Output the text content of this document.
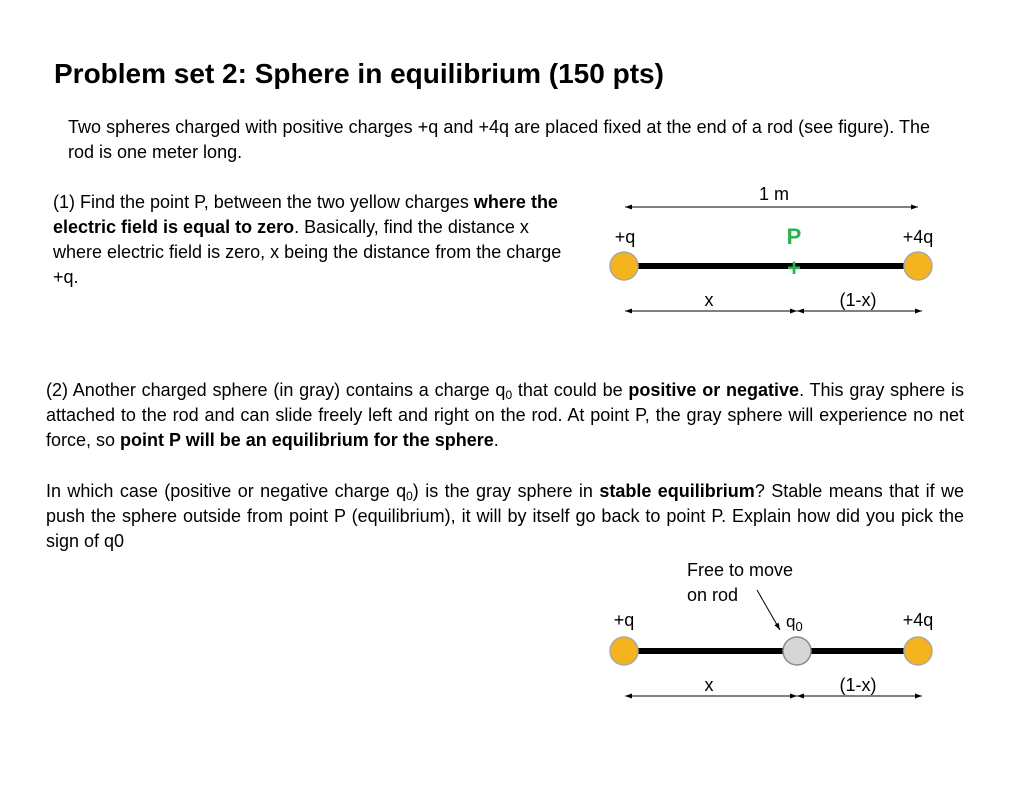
Problem set 2: Sphere in equilibrium (150 pts)

Two spheres charged with positive charges +q and +4q are placed fixed at the end of a rod (see figure). The rod is one meter long.

(1) Find the point P, between the two yellow charges where the electric field is equal to zero. Basically, find the distance x where electric field is zero, x being the distance from the charge +q.

(2) Another charged sphere (in gray) contains a charge $q_0$ that could be positive or negative. This gray sphere is attached to the rod and can slide freely left and right on the rod. At point P, the gray sphere will experience no net force, so point P will be an equilibrium for the sphere.

In which case (positive or negative charge $q_0$) is the gray sphere in stable equilibrium? Stable means that if we push the sphere outside from point P (equilibrium), it will by itself go back to point P. Explain how did you pick the sign of q0

1 m
+q	+4q
P
+
x	(1-x)
Free to move
on rod
+q	+4q
$q_0$
x	(1-x)
